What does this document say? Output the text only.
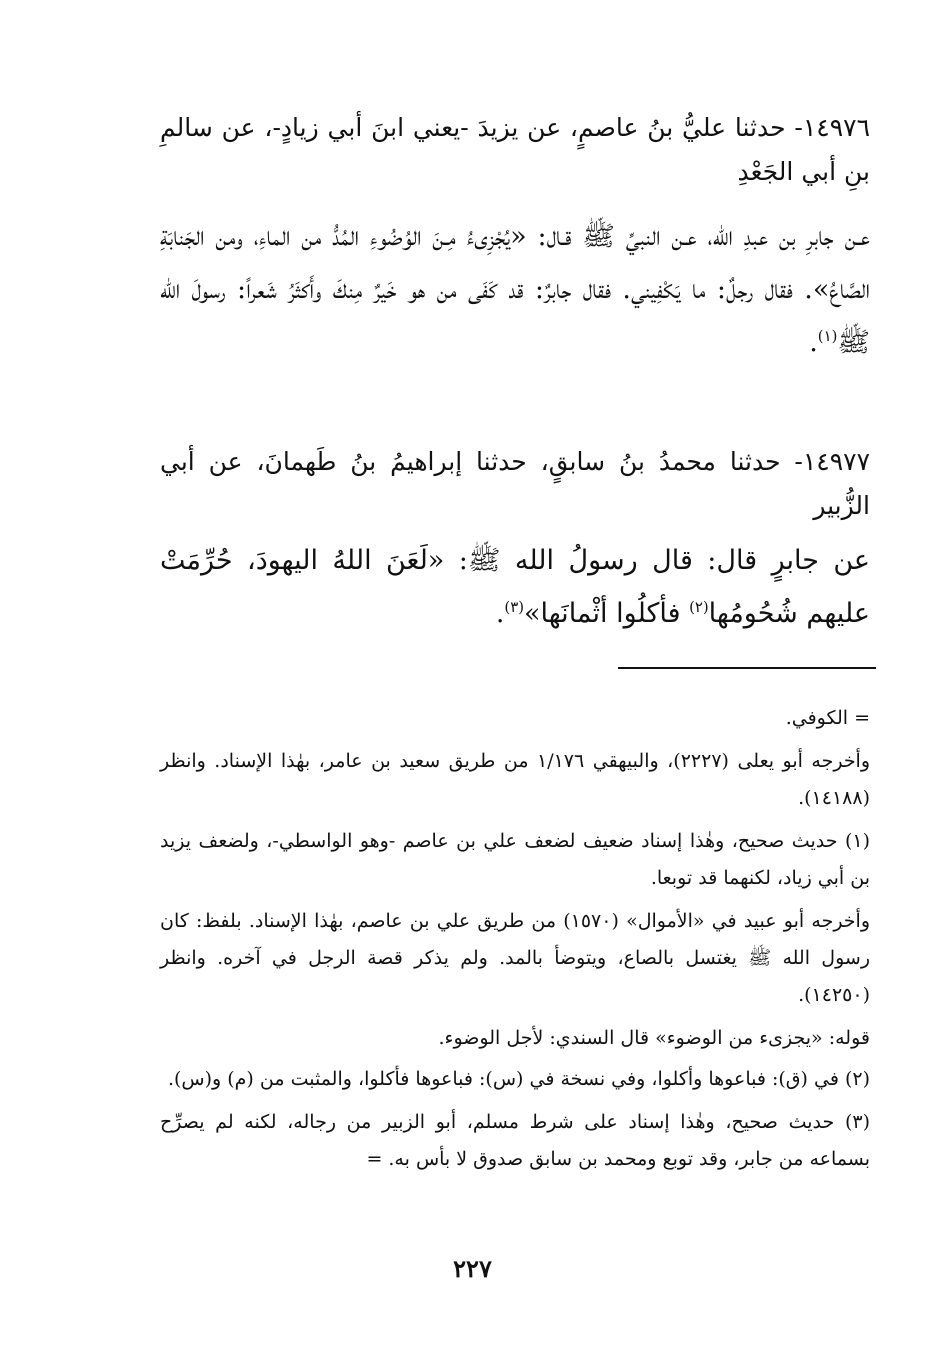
١٤٩٧٦- حدثنا عليُّ بنُ عاصمٍ، عن يزيدَ -يعني ابنَ أبي زيادٍ-، عن سالمِ بنِ أبي الجَعْدِ

عـن جابرِ بن عبدِ الله، عـن النبيِّ ﷺ قـال: «يُجْزِىءُ مِـنَ الوُضُوءِ المُدُّ من الماءِ، ومن الجَنابَةِ الصَّاعُ». فقال رجلٌ: ما يَكْفِيني. فقال جابرٌ: قد كَفَى من هو خَيرٌ مِنكَ وأَكثَرُ شَعراً: رسولَ الله ﷺ$^{(١)}$.

١٤٩٧٧- حدثنا محمدُ بنُ سابقٍ، حدثنا إبراهيمُ بنُ طَهمانَ، عن أبي الزُّبير

عن جابرٍ قال: قال رسولُ الله ﷺ: «لَعَنَ اللهُ اليهودَ، حُرِّمَتْ عليهم شُحُومُها$^{(٢)}$ فأكلُوا أثْمانَها»$^{(٣)}$.

= الكوفي.

وأخرجه أبو يعلى (٢٢٢٧)، والبيهقي ١/١٧٦ من طريق سعيد بن عامر، بهٰذا الإسناد. وانظر (١٤١٨٨).

(١) حديث صحيح، وهٰذا إسناد ضعيف لضعف علي بن عاصم -وهو الواسطي-، ولضعف يزيد بن أبي زياد، لكنهما قد توبعا.

وأخرجه أبو عبيد في «الأموال» (١٥٧٠) من طريق علي بن عاصم، بهٰذا الإسناد. بلفظ: كان رسول الله ﷺ يغتسل بالصاع، ويتوضأ بالمد. ولم يذكر قصة الرجل في آخره. وانظر (١٤٢٥٠).

قوله: «يجزىء من الوضوء» قال السندي: لأجل الوضوء.

(٢) في (ق): فباعوها وأكلوا، وفي نسخة في (س): فباعوها فأكلوا، والمثبت من (م) و(س).

(٣) حديث صحيح، وهٰذا إسناد على شرط مسلم، أبو الزبير من رجاله، لكنه لم يصرِّح بسماعه من جابر، وقد توبع ومحمد بن سابق صدوق لا بأس به. =

٢٢٧
